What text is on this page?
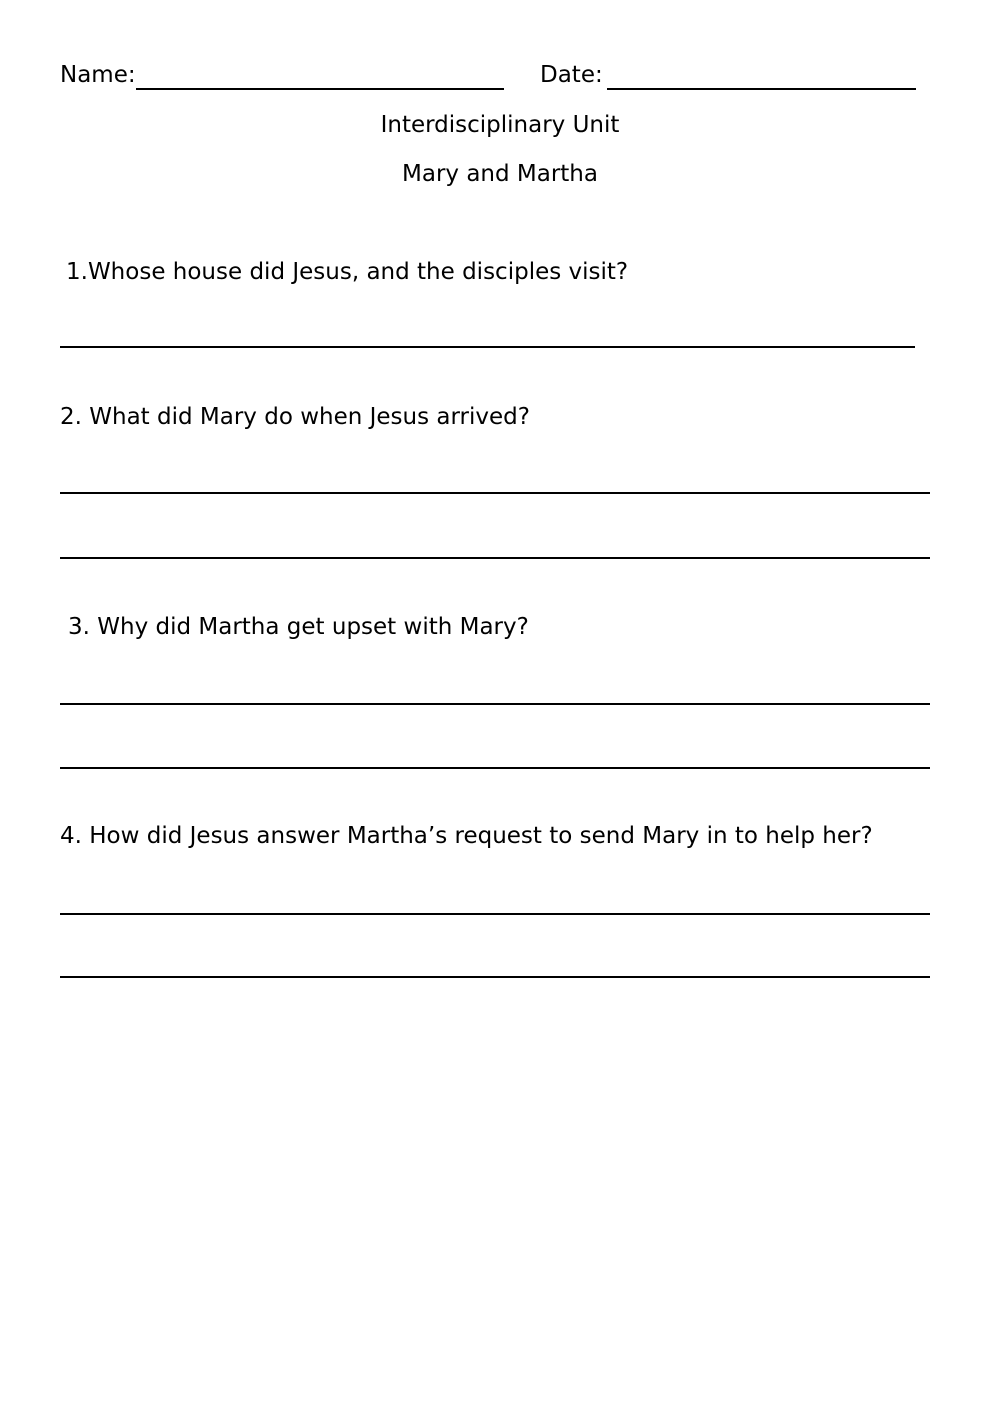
Name:	Date:
Interdisciplinary Unit
Mary and Martha
1.Whose house did Jesus, and the disciples visit?
2. What did Mary do when Jesus arrived?
3. Why did Martha get upset with Mary?
4. How did Jesus answer Martha’s request to send Mary in to help her?
